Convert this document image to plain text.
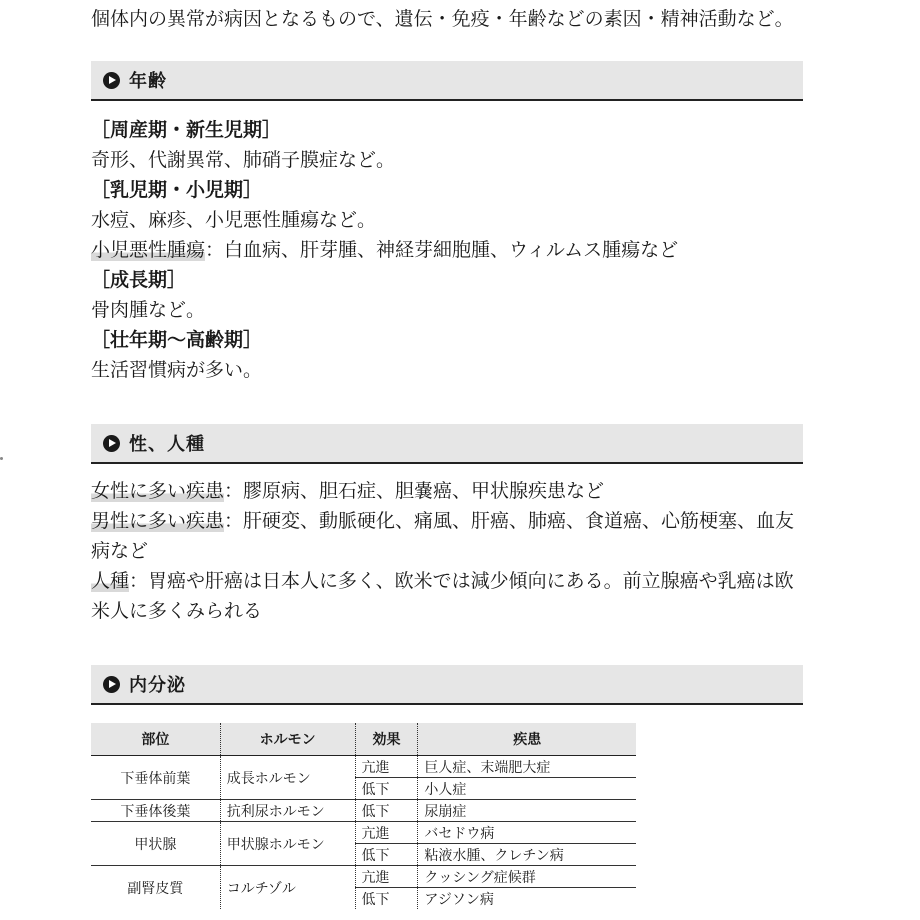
個体内の異常が病因となるもので、遺伝・免疫・年齢などの素因・精神活動など。
年齢
［周産期・新生児期］
奇形、代謝異常、肺硝子膜症など。
［乳児期・小児期］
水痘、麻疹、小児悪性腫瘍など。
小児悪性腫瘍：白血病、肝芽腫、神経芽細胞腫、ウィルムス腫瘍など
［成長期］
骨肉腫など。
［壮年期～高齢期］
生活習慣病が多い。
性、人種
女性に多い疾患：膠原病、胆石症、胆嚢癌、甲状腺疾患など
男性に多い疾患：肝硬変、動脈硬化、痛風、肝癌、肺癌、食道癌、心筋梗塞、血友病など
人種：胃癌や肝癌は日本人に多く、欧米では減少傾向にある。前立腺癌や乳癌は欧米人に多くみられる
内分泌
部位	ホルモン	効果	疾患
下垂体前葉	成長ホルモン	亢進	巨人症、末端肥大症
		低下	小人症
下垂体後葉	抗利尿ホルモン	低下	尿崩症
甲状腺	甲状腺ホルモン	亢進	バセドウ病
		低下	粘液水腫、クレチン病
副腎皮質	コルチゾル	亢進	クッシング症候群
		低下	アジソン病
